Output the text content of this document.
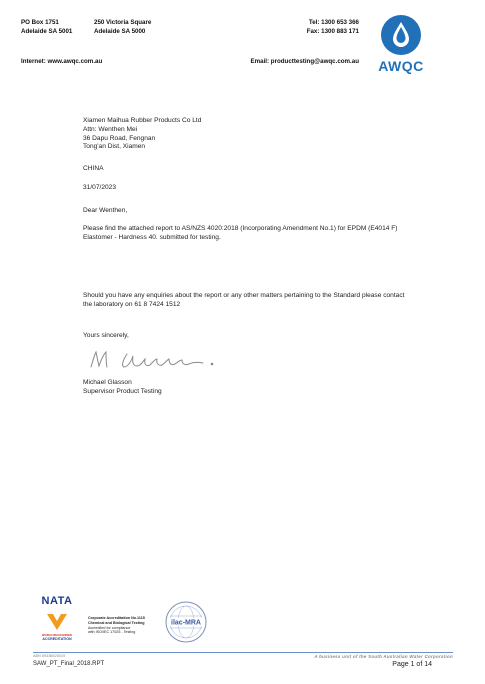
PO Box 1751
Adelaide SA 5001
250 Victoria Square
Adelaide SA 5000
Tel: 1300 653 366
Fax: 1300 883 171
Internet: www.awqc.com.au	Email: producttesting@awqc.com.au	AWQC
Xiamen Maihua Rubber Products Co Ltd
Attn: Wenthen Mei
36 Dapu Road, Fengnan
Tong'an Dist, Xiamen
CHINA
31/07/2023
Dear Wenthen,
Please find the attached report to AS/NZS 4020:2018 (Incorporating Amendment No.1) for EPDM (E4014 F) Elastomer - Hardness 40. submitted for testing.
Should you have any enquiries about the report or any other matters pertaining to the Standard please contact the laboratory on 61 8 7424 1512
Yours sincerely,
Michael Glasson
Supervisor Product Testing
NATA
WORLD RECOGNISED
ACCREDITATION
Corporate Accreditation No.1115
Chemical and Biological Testing
Accredited for compliance
with ISO/IEC 17025 - Testing
ilac-MRA
ABN 69336525019	A business unit of the South Australian Water Corporation
SAW_PT_Final_2018.RPT	Page 1 of 14
